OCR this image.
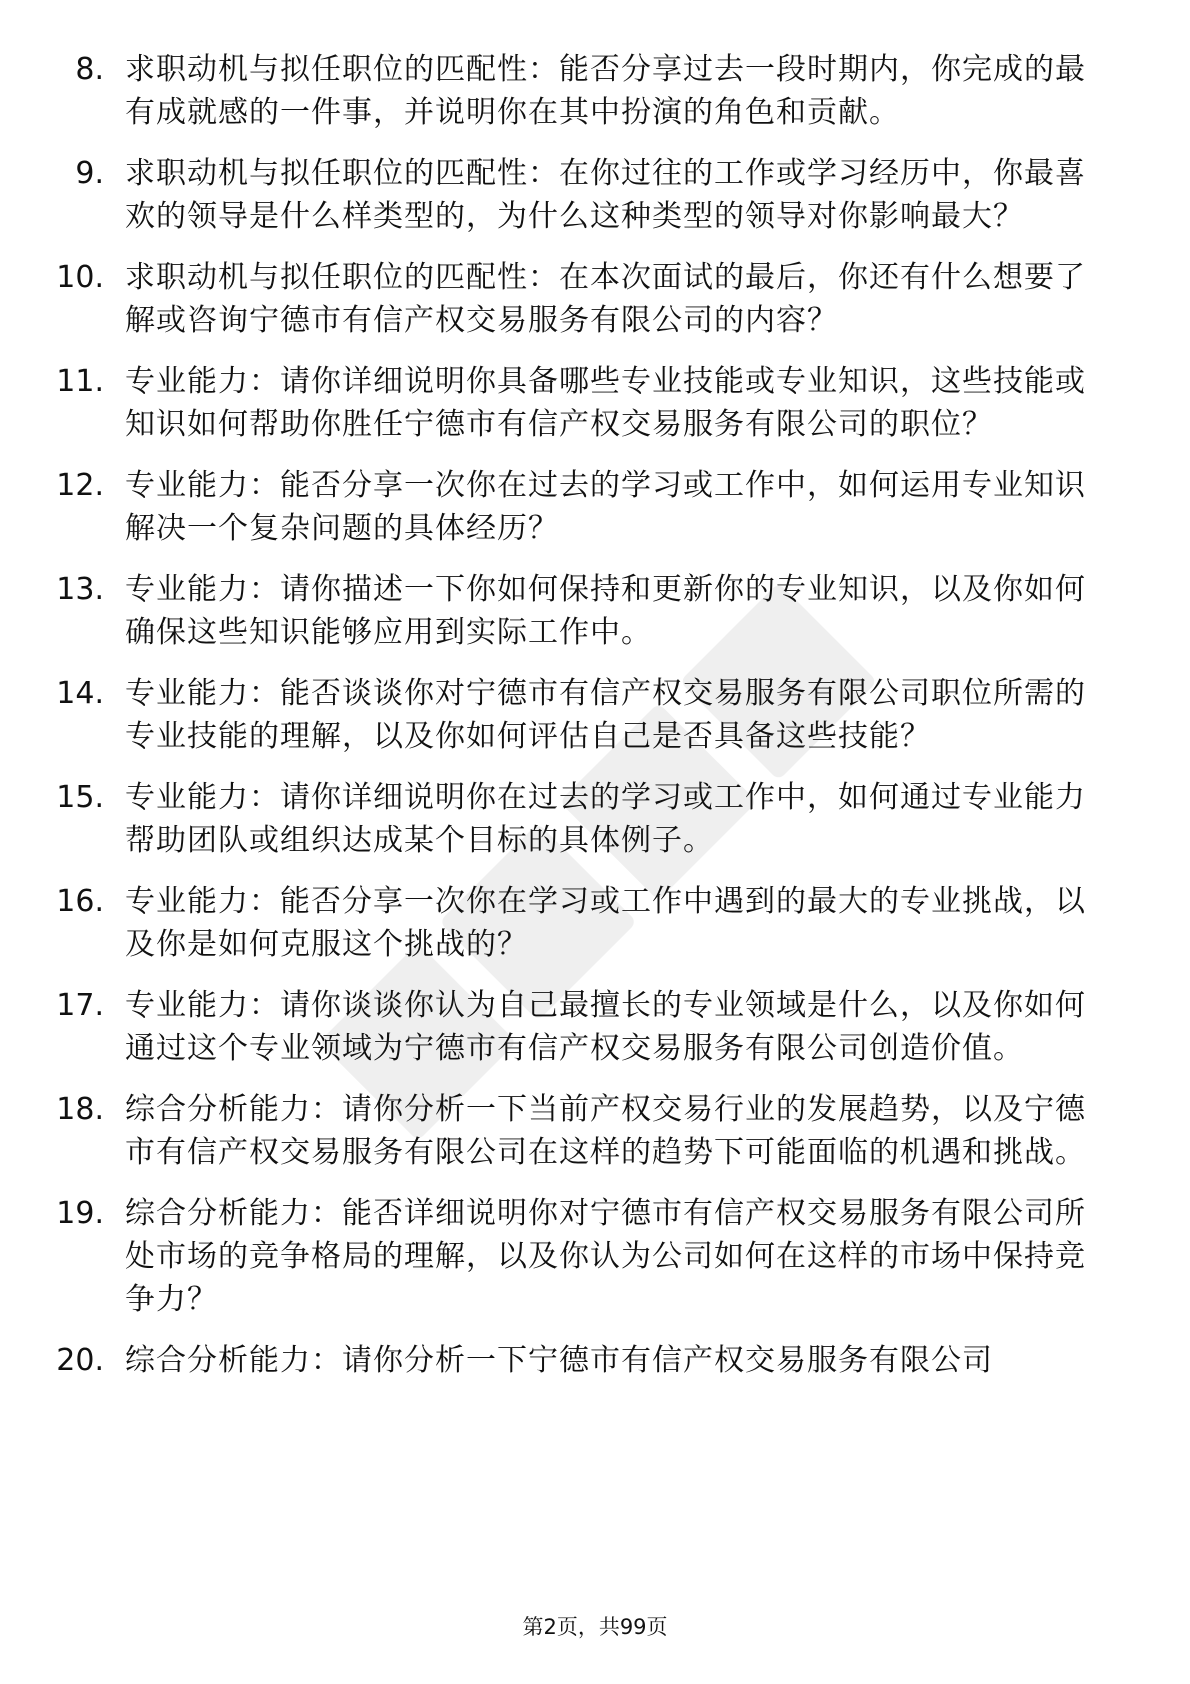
8. 求职动机与拟任职位的匹配性：能否分享过去一段时期内，你完成的最有成就感的一件事，并说明你在其中扮演的角色和贡献。
9. 求职动机与拟任职位的匹配性：在你过往的工作或学习经历中，你最喜欢的领导是什么样类型的，为什么这种类型的领导对你影响最大？
10. 求职动机与拟任职位的匹配性：在本次面试的最后，你还有什么想要了解或咨询宁德市有信产权交易服务有限公司的内容？
11. 专业能力：请你详细说明你具备哪些专业技能或专业知识，这些技能或知识如何帮助你胜任宁德市有信产权交易服务有限公司的职位？
12. 专业能力：能否分享一次你在过去的学习或工作中，如何运用专业知识解决一个复杂问题的具体经历？
13. 专业能力：请你描述一下你如何保持和更新你的专业知识，以及你如何确保这些知识能够应用到实际工作中。
14. 专业能力：能否谈谈你对宁德市有信产权交易服务有限公司职位所需的专业技能的理解，以及你如何评估自己是否具备这些技能？
15. 专业能力：请你详细说明你在过去的学习或工作中，如何通过专业能力帮助团队或组织达成某个目标的具体例子。
16. 专业能力：能否分享一次你在学习或工作中遇到的最大的专业挑战，以及你是如何克服这个挑战的？
17. 专业能力：请你谈谈你认为自己最擅长的专业领域是什么，以及你如何通过这个专业领域为宁德市有信产权交易服务有限公司创造价值。
18. 综合分析能力：请你分析一下当前产权交易行业的发展趋势，以及宁德市有信产权交易服务有限公司在这样的趋势下可能面临的机遇和挑战。
19. 综合分析能力：能否详细说明你对宁德市有信产权交易服务有限公司所处市场的竞争格局的理解，以及你认为公司如何在这样的市场中保持竞争力？
20. 综合分析能力：请你分析一下宁德市有信产权交易服务有限公司
第2页，共99页
